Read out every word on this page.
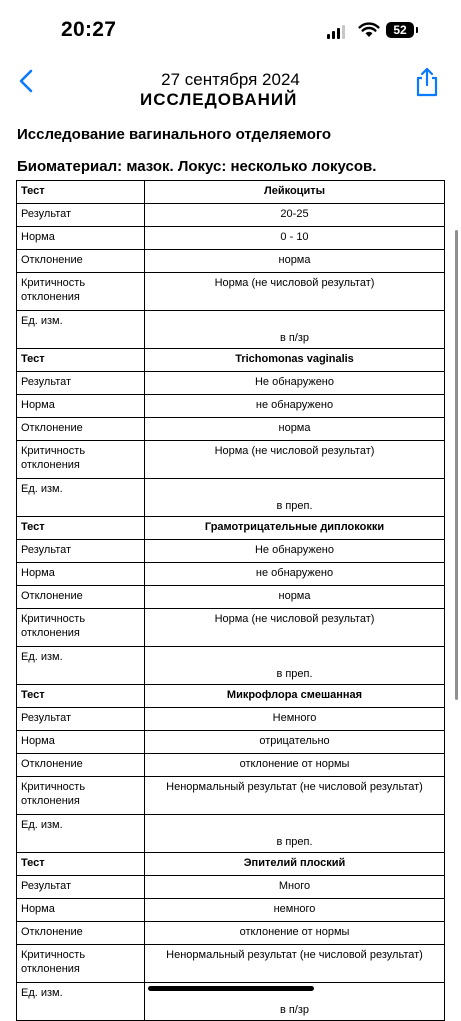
20:27	52
27 сентября 2024
ИССЛЕДОВАНИЙ
Исследование вагинального отделяемого
Биоматериал: мазок. Локус: несколько локусов.
Тест	Лейкоциты
Результат	20-25
Норма	0 - 10
Отклонение	норма
Критичность отклонения	Норма (не числовой результат)
Ед. изм.	в п/зр
Тест	Trichomonas vaginalis
Результат	Не обнаружено
Норма	не обнаружено
Отклонение	норма
Критичность отклонения	Норма (не числовой результат)
Ед. изм.	в преп.
Тест	Грамотрицательные диплококки
Результат	Не обнаружено
Норма	не обнаружено
Отклонение	норма
Критичность отклонения	Норма (не числовой результат)
Ед. изм.	в преп.
Тест	Микрофлора смешанная
Результат	Немного
Норма	отрицательно
Отклонение	отклонение от нормы
Критичность отклонения	Ненормальный результат (не числовой результат)
Ед. изм.	в преп.
Тест	Эпителий плоский
Результат	Много
Норма	немного
Отклонение	отклонение от нормы
Критичность отклонения	Ненормальный результат (не числовой результат)
Ед. изм.	в п/зр
